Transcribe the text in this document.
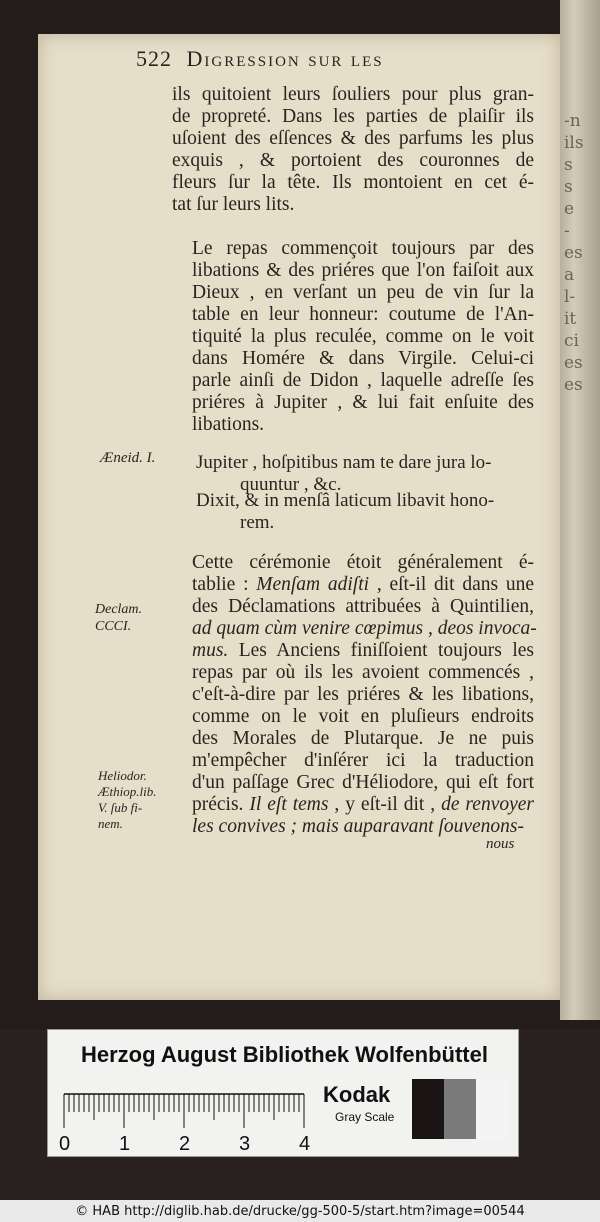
-n
ils
s
s
e
-
es
a
l-
it
ci
es
es
522 Digression sur les
ils quitoient leurs ſouliers pour plus gran-
de propreté. Dans les parties de plaiſir ils
uſoient des eſſences & des parfums les plus
exquis , & portoient des couronnes de
fleurs ſur la tête. Ils montoient en cet é-
tat ſur leurs lits.
Le repas commençoit toujours par des
libations & des priéres que l'on faiſoit aux
Dieux , en verſant un peu de vin ſur la
table en leur honneur: coutume de l'An-
tiquité la plus reculée, comme on le voit
dans Homére & dans Virgile. Celui-ci
parle ainſi de Didon , laquelle adreſſe ſes
priéres à Jupiter , & lui fait enſuite des
libations.
Æneid. I. Jupiter , hoſpitibus nam te dare jura lo-
quuntur , &c.
Dixit, & in menſâ laticum libavit hono-
rem.
Cette cérémonie étoit généralement é-
tablie : Menſam adiſti , eſt-il dit dans une
des Déclamations attribuées à Quintilien,
ad quam cùm venire cœpimus , deos invoca-
mus. Les Anciens finiſſoient toujours les
repas par où ils les avoient commencés ,
c'eſt-à-dire par les priéres & les libations,
comme on le voit en pluſieurs endroits
des Morales de Plutarque. Je ne puis
m'empêcher d'inſérer ici la traduction
d'un paſſage Grec d'Héliodore, qui eſt fort
précis. Il eſt tems , y eſt-il dit , de renvoyer
les convives ; mais auparavant ſouvenons-
Declam.
CCCI.
Heliodor.
Æthiop.lib.
V. ſub fi-
nem.
nous
Herzog August Bibliothek Wolfenbüttel
0 1 2 3 4
Kodak
Gray Scale
© HAB http://diglib.hab.de/drucke/gg-500-5/start.htm?image=00544
